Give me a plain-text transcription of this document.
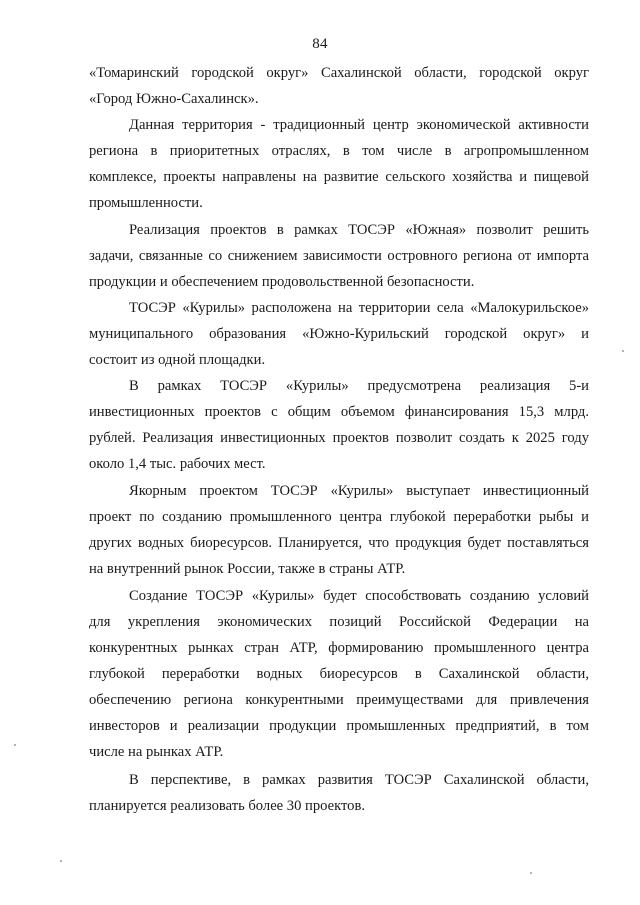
84
«Томаринский городской округ» Сахалинской области, городской округ
«Город Южно-Сахалинск».
Данная территория - традиционный центр экономической активности
региона в приоритетных отраслях, в том числе в агропромышленном
комплексе, проекты направлены на развитие сельского хозяйства и пищевой
промышленности.
Реализация проектов в рамках ТОСЭР «Южная» позволит решить
задачи, связанные со снижением зависимости островного региона от импорта
продукции и обеспечением продовольственной безопасности.
ТОСЭР «Курилы» расположена на территории села «Малокурильское»
муниципального образования «Южно-Курильский городской округ» и
состоит из одной площадки.
В рамках ТОСЭР «Курилы» предусмотрена реализация 5-и
инвестиционных проектов с общим объемом финансирования 15,3 млрд.
рублей. Реализация инвестиционных проектов позволит создать к 2025 году
около 1,4 тыс. рабочих мест.
Якорным проектом ТОСЭР «Курилы» выступает инвестиционный
проект по созданию промышленного центра глубокой переработки рыбы и
других водных биоресурсов. Планируется, что продукция будет поставляться
на внутренний рынок России, также в страны АТР.
Создание ТОСЭР «Курилы» будет способствовать созданию условий
для укрепления экономических позиций Российской Федерации на
конкурентных рынках стран АТР, формированию промышленного центра
глубокой переработки водных биоресурсов в Сахалинской области,
обеспечению региона конкурентными преимуществами для привлечения
инвесторов и реализации продукции промышленных предприятий, в том
числе на рынках АТР.
В перспективе, в рамках развития ТОСЭР Сахалинской области,
планируется реализовать более 30 проектов.
